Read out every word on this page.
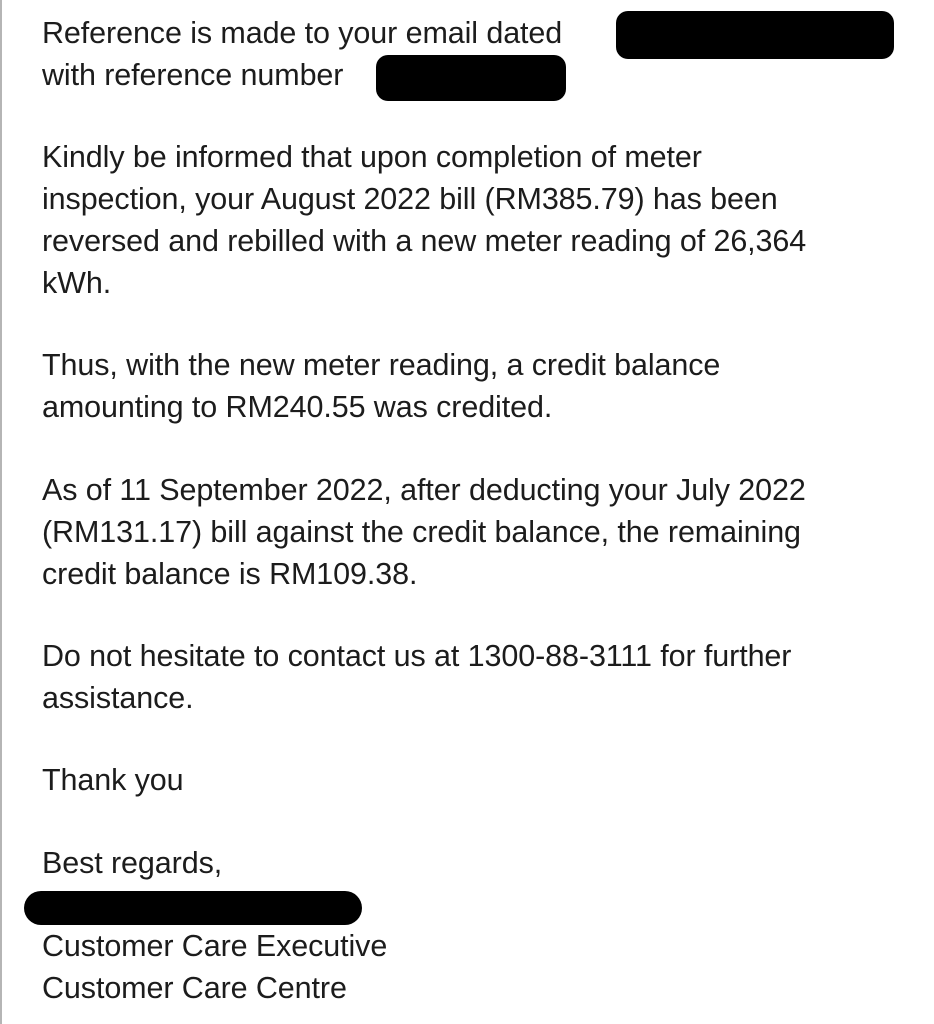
Reference is made to your email dated
with reference number
Kindly be informed that upon completion of meter
inspection, your August 2022 bill (RM385.79) has been
reversed and rebilled with a new meter reading of 26,364
kWh.
Thus, with the new meter reading, a credit balance
amounting to RM240.55 was credited.
As of 11 September 2022, after deducting your July 2022
(RM131.17) bill against the credit balance, the remaining
credit balance is RM109.38.
Do not hesitate to contact us at 1300-88-3111 for further
assistance.
Thank you
Best regards,
Customer Care Executive
Customer Care Centre
